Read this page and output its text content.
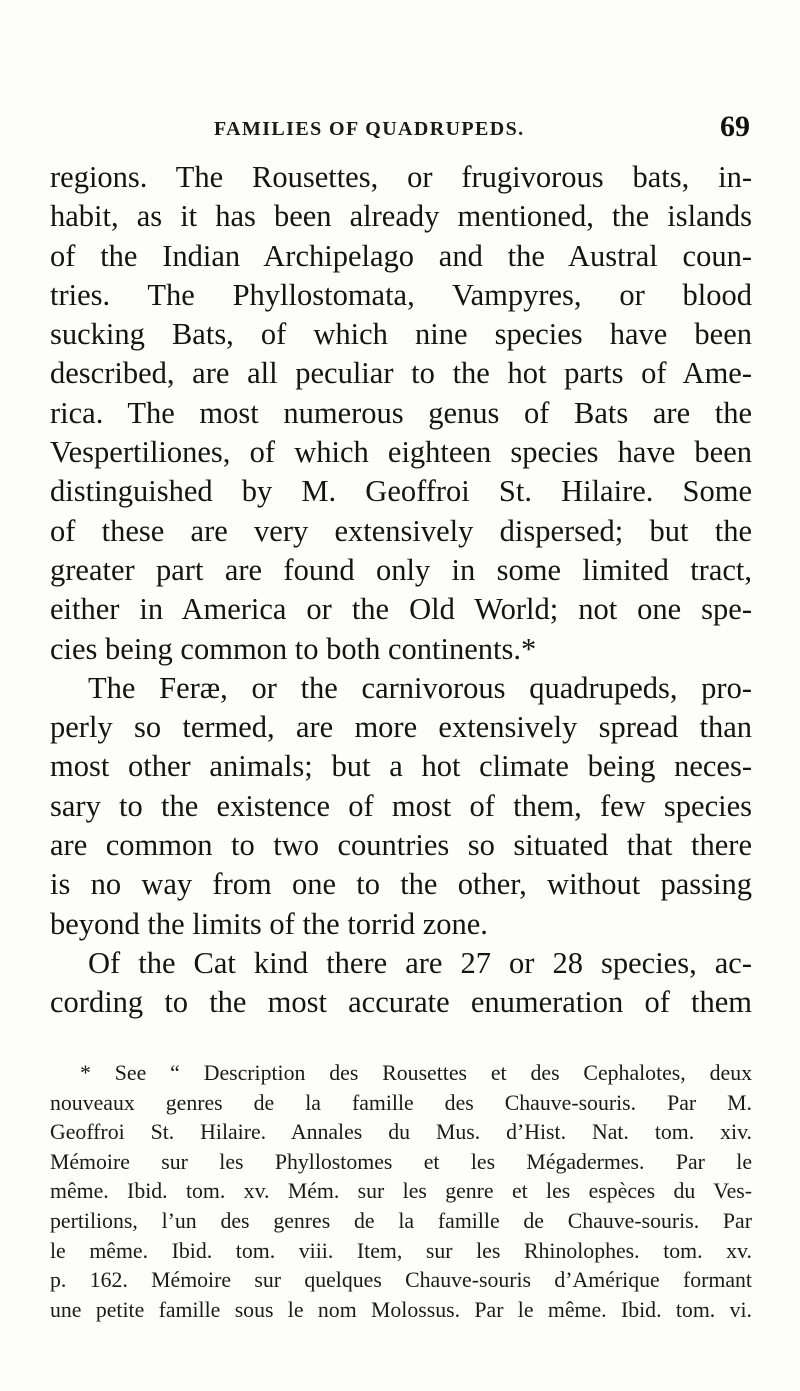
FAMILIES OF QUADRUPEDS.	69
regions. The Rousettes, or frugivorous bats, in-
habit, as it has been already mentioned, the islands
of the Indian Archipelago and the Austral coun-
tries. The Phyllostomata, Vampyres, or blood
sucking Bats, of which nine species have been
described, are all peculiar to the hot parts of Ame-
rica. The most numerous genus of Bats are the
Vespertiliones, of which eighteen species have been
distinguished by M. Geoffroi St. Hilaire. Some
of these are very extensively dispersed; but the
greater part are found only in some limited tract,
either in America or the Old World; not one spe-
cies being common to both continents.*
The Feræ, or the carnivorous quadrupeds, pro-
perly so termed, are more extensively spread than
most other animals; but a hot climate being neces-
sary to the existence of most of them, few species
are common to two countries so situated that there
is no way from one to the other, without passing
beyond the limits of the torrid zone.
Of the Cat kind there are 27 or 28 species, ac-
cording to the most accurate enumeration of them
* See “ Description des Rousettes et des Cephalotes, deux
nouveaux genres de la famille des Chauve-souris. Par M.
Geoffroi St. Hilaire. Annales du Mus. d’Hist. Nat. tom. xiv.
Mémoire sur les Phyllostomes et les Mégadermes. Par le
même. Ibid. tom. xv. Mém. sur les genre et les espèces du Ves-
pertilions, l’un des genres de la famille de Chauve-souris. Par
le même. Ibid. tom. viii. Item, sur les Rhinolophes. tom. xv.
p. 162. Mémoire sur quelques Chauve-souris d’Amérique formant
une petite famille sous le nom Molossus. Par le même. Ibid. tom. vi.
